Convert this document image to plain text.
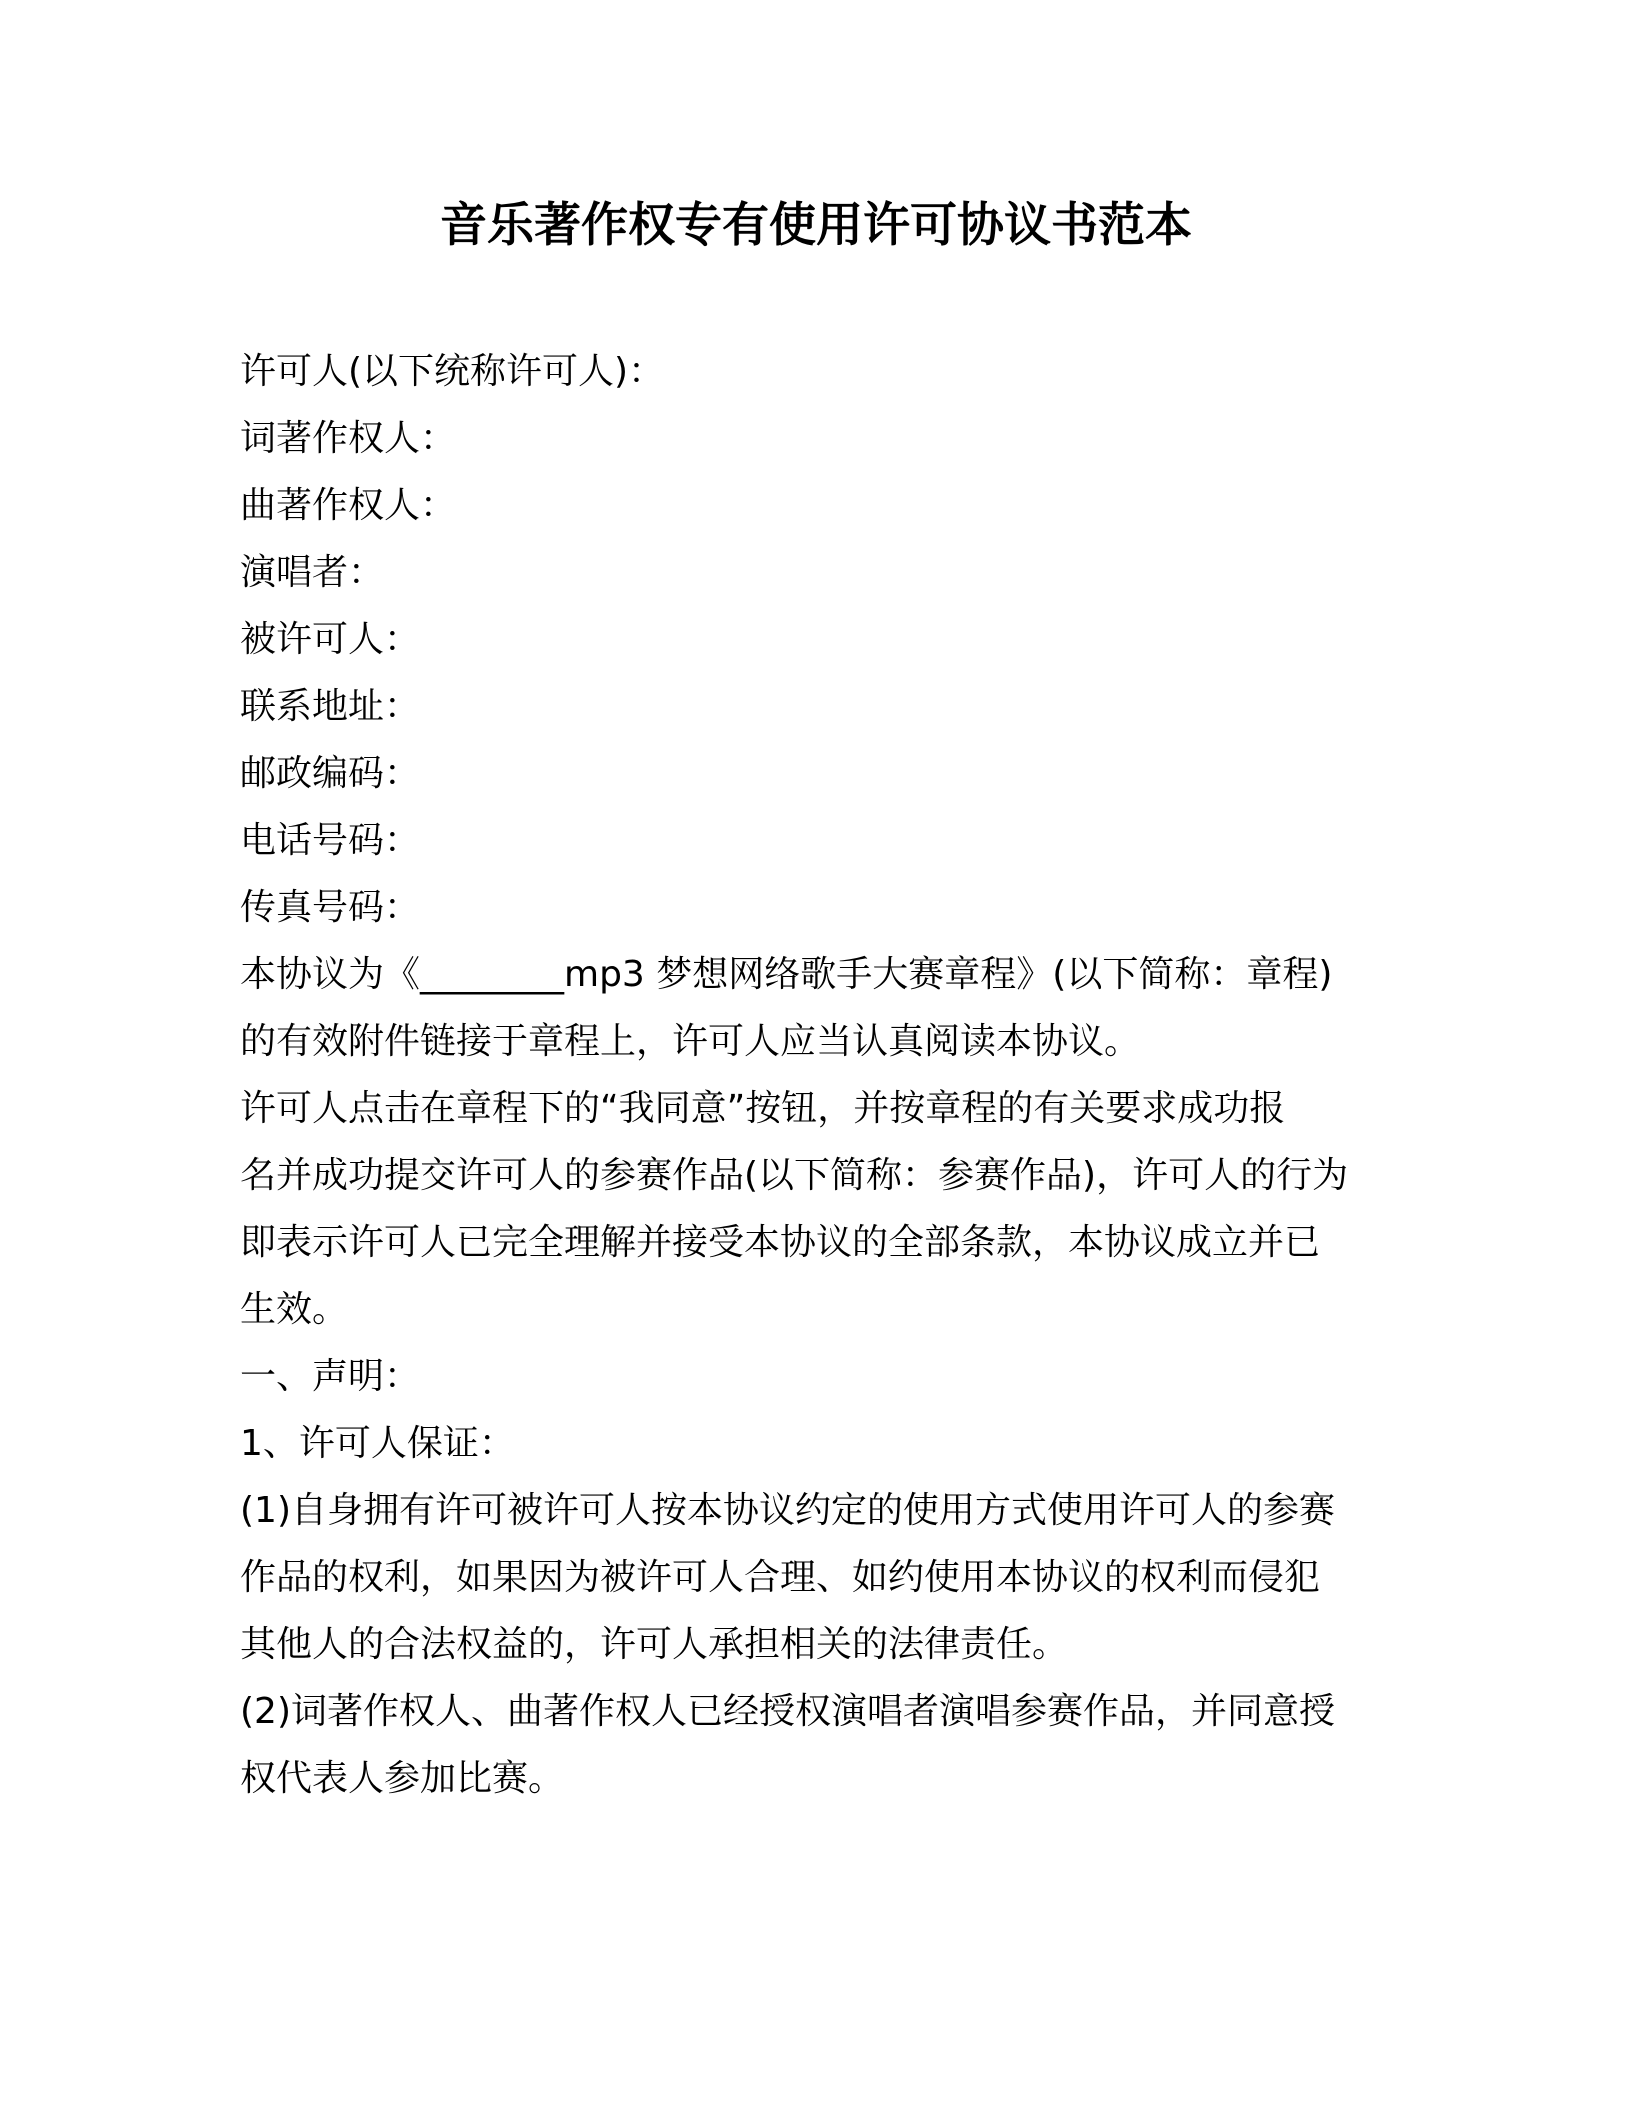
音乐著作权专有使用许可协议书范本
许可人(以下统称许可人)：
词著作权人：
曲著作权人：
演唱者：
被许可人：
联系地址：
邮政编码：
电话号码：
传真号码：
本协议为《________mp3 梦想网络歌手大赛章程》(以下简称：章程)
的有效附件链接于章程上，许可人应当认真阅读本协议。
许可人点击在章程下的“我同意”按钮，并按章程的有关要求成功报
名并成功提交许可人的参赛作品(以下简称：参赛作品)，许可人的行为
即表示许可人已完全理解并接受本协议的全部条款，本协议成立并已
生效。
一、声明：
1、许可人保证：
(1)自身拥有许可被许可人按本协议约定的使用方式使用许可人的参赛
作品的权利，如果因为被许可人合理、如约使用本协议的权利而侵犯
其他人的合法权益的，许可人承担相关的法律责任。
(2)词著作权人、曲著作权人已经授权演唱者演唱参赛作品，并同意授
权代表人参加比赛。
